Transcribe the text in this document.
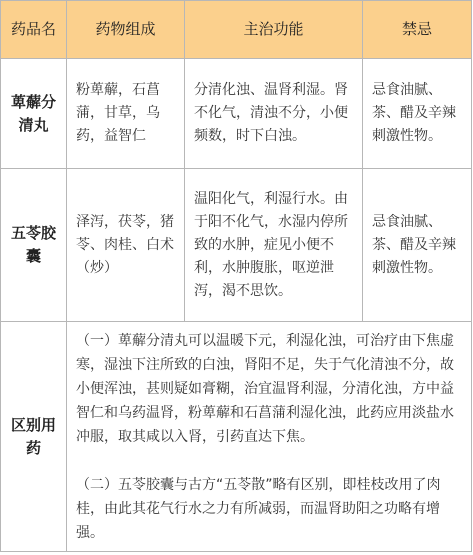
药品名	药物组成	主治功能	禁忌
萆薢分清丸	粉萆薢，石菖蒲，甘草，乌药，益智仁	分清化浊、温肾利湿。肾不化气，清浊不分，小便频数，时下白浊。	忌食油腻、茶、醋及辛辣刺激性物。
五苓胶囊	泽泻，茯苓，猪苓、肉桂、白术（炒）	温阳化气，利湿行水。由于阳不化气，水湿内停所致的水肿，症见小便不利，水肿腹胀，呕逆泄泻，渴不思饮。	忌食油腻、茶、醋及辛辣刺激性物。
区别用药	（一）萆薢分清丸可以温暖下元，利湿化浊，可治疗由下焦虚寒，湿浊下注所致的白浊，肾阳不足，失于气化清浊不分，故小便浑浊，甚则疑如膏糊，治宜温肾利湿，分清化浊，方中益智仁和乌药温肾，粉萆薢和石菖蒲利湿化浊，此药应用淡盐水冲服，取其咸以入肾，引药直达下焦。
（二）五苓胶囊与古方“五苓散”略有区别，即桂枝改用了肉桂，由此其花气行水之力有所减弱，而温肾助阳之功略有增强。		
